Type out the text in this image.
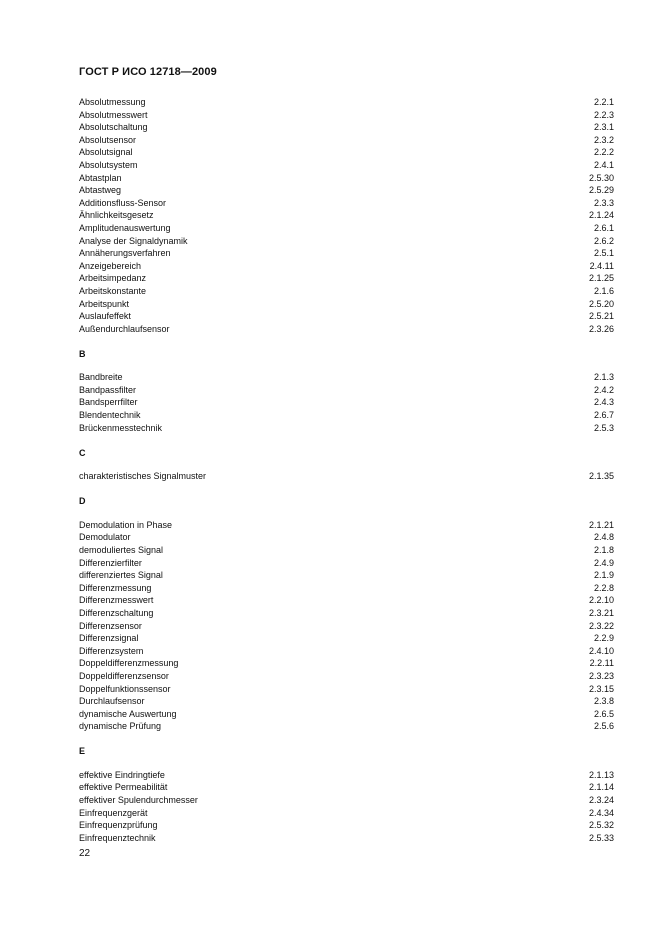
ГОСТ Р ИСО 12718—2009
Absolutmessung	2.2.1
Absolutmesswert	2.2.3
Absolutschaltung	2.3.1
Absolutsensor	2.3.2
Absolutsignal	2.2.2
Absolutsystem	2.4.1
Abtastplan	2.5.30
Abtastweg	2.5.29
Additionsfluss-Sensor	2.3.3
Ähnlichkeitsgesetz	2.1.24
Amplitudenauswertung	2.6.1
Analyse der Signaldynamik	2.6.2
Annäherungsverfahren	2.5.1
Anzeigebereich	2.4.11
Arbeitsimpedanz	2.1.25
Arbeitskonstante	2.1.6
Arbeitspunkt	2.5.20
Auslaufeffekt	2.5.21
Außendurchlaufsensor	2.3.26
B
Bandbreite	2.1.3
Bandpassfilter	2.4.2
Bandsperrfilter	2.4.3
Blendentechnik	2.6.7
Brückenmesstechnik	2.5.3
C
charakteristisches Signalmuster	2.1.35
D
Demodulation in Phase	2.1.21
Demodulator	2.4.8
demoduliertes Signal	2.1.8
Differenzierfilter	2.4.9
differenziertes Signal	2.1.9
Differenzmessung	2.2.8
Differenzmesswert	2.2.10
Differenzschaltung	2.3.21
Differenzsensor	2.3.22
Differenzsignal	2.2.9
Differenzsystem	2.4.10
Doppeldifferenzmessung	2.2.11
Doppeldifferenzsensor	2.3.23
Doppelfunktionssensor	2.3.15
Durchlaufsensor	2.3.8
dynamische Auswertung	2.6.5
dynamische Prüfung	2.5.6
E
effektive Eindringtiefe	2.1.13
effektive Permeabilität	2.1.14
effektiver Spulendurchmesser	2.3.24
Einfrequenzgerät	2.4.34
Einfrequenzprüfung	2.5.32
Einfrequenztechnik	2.5.33
22
